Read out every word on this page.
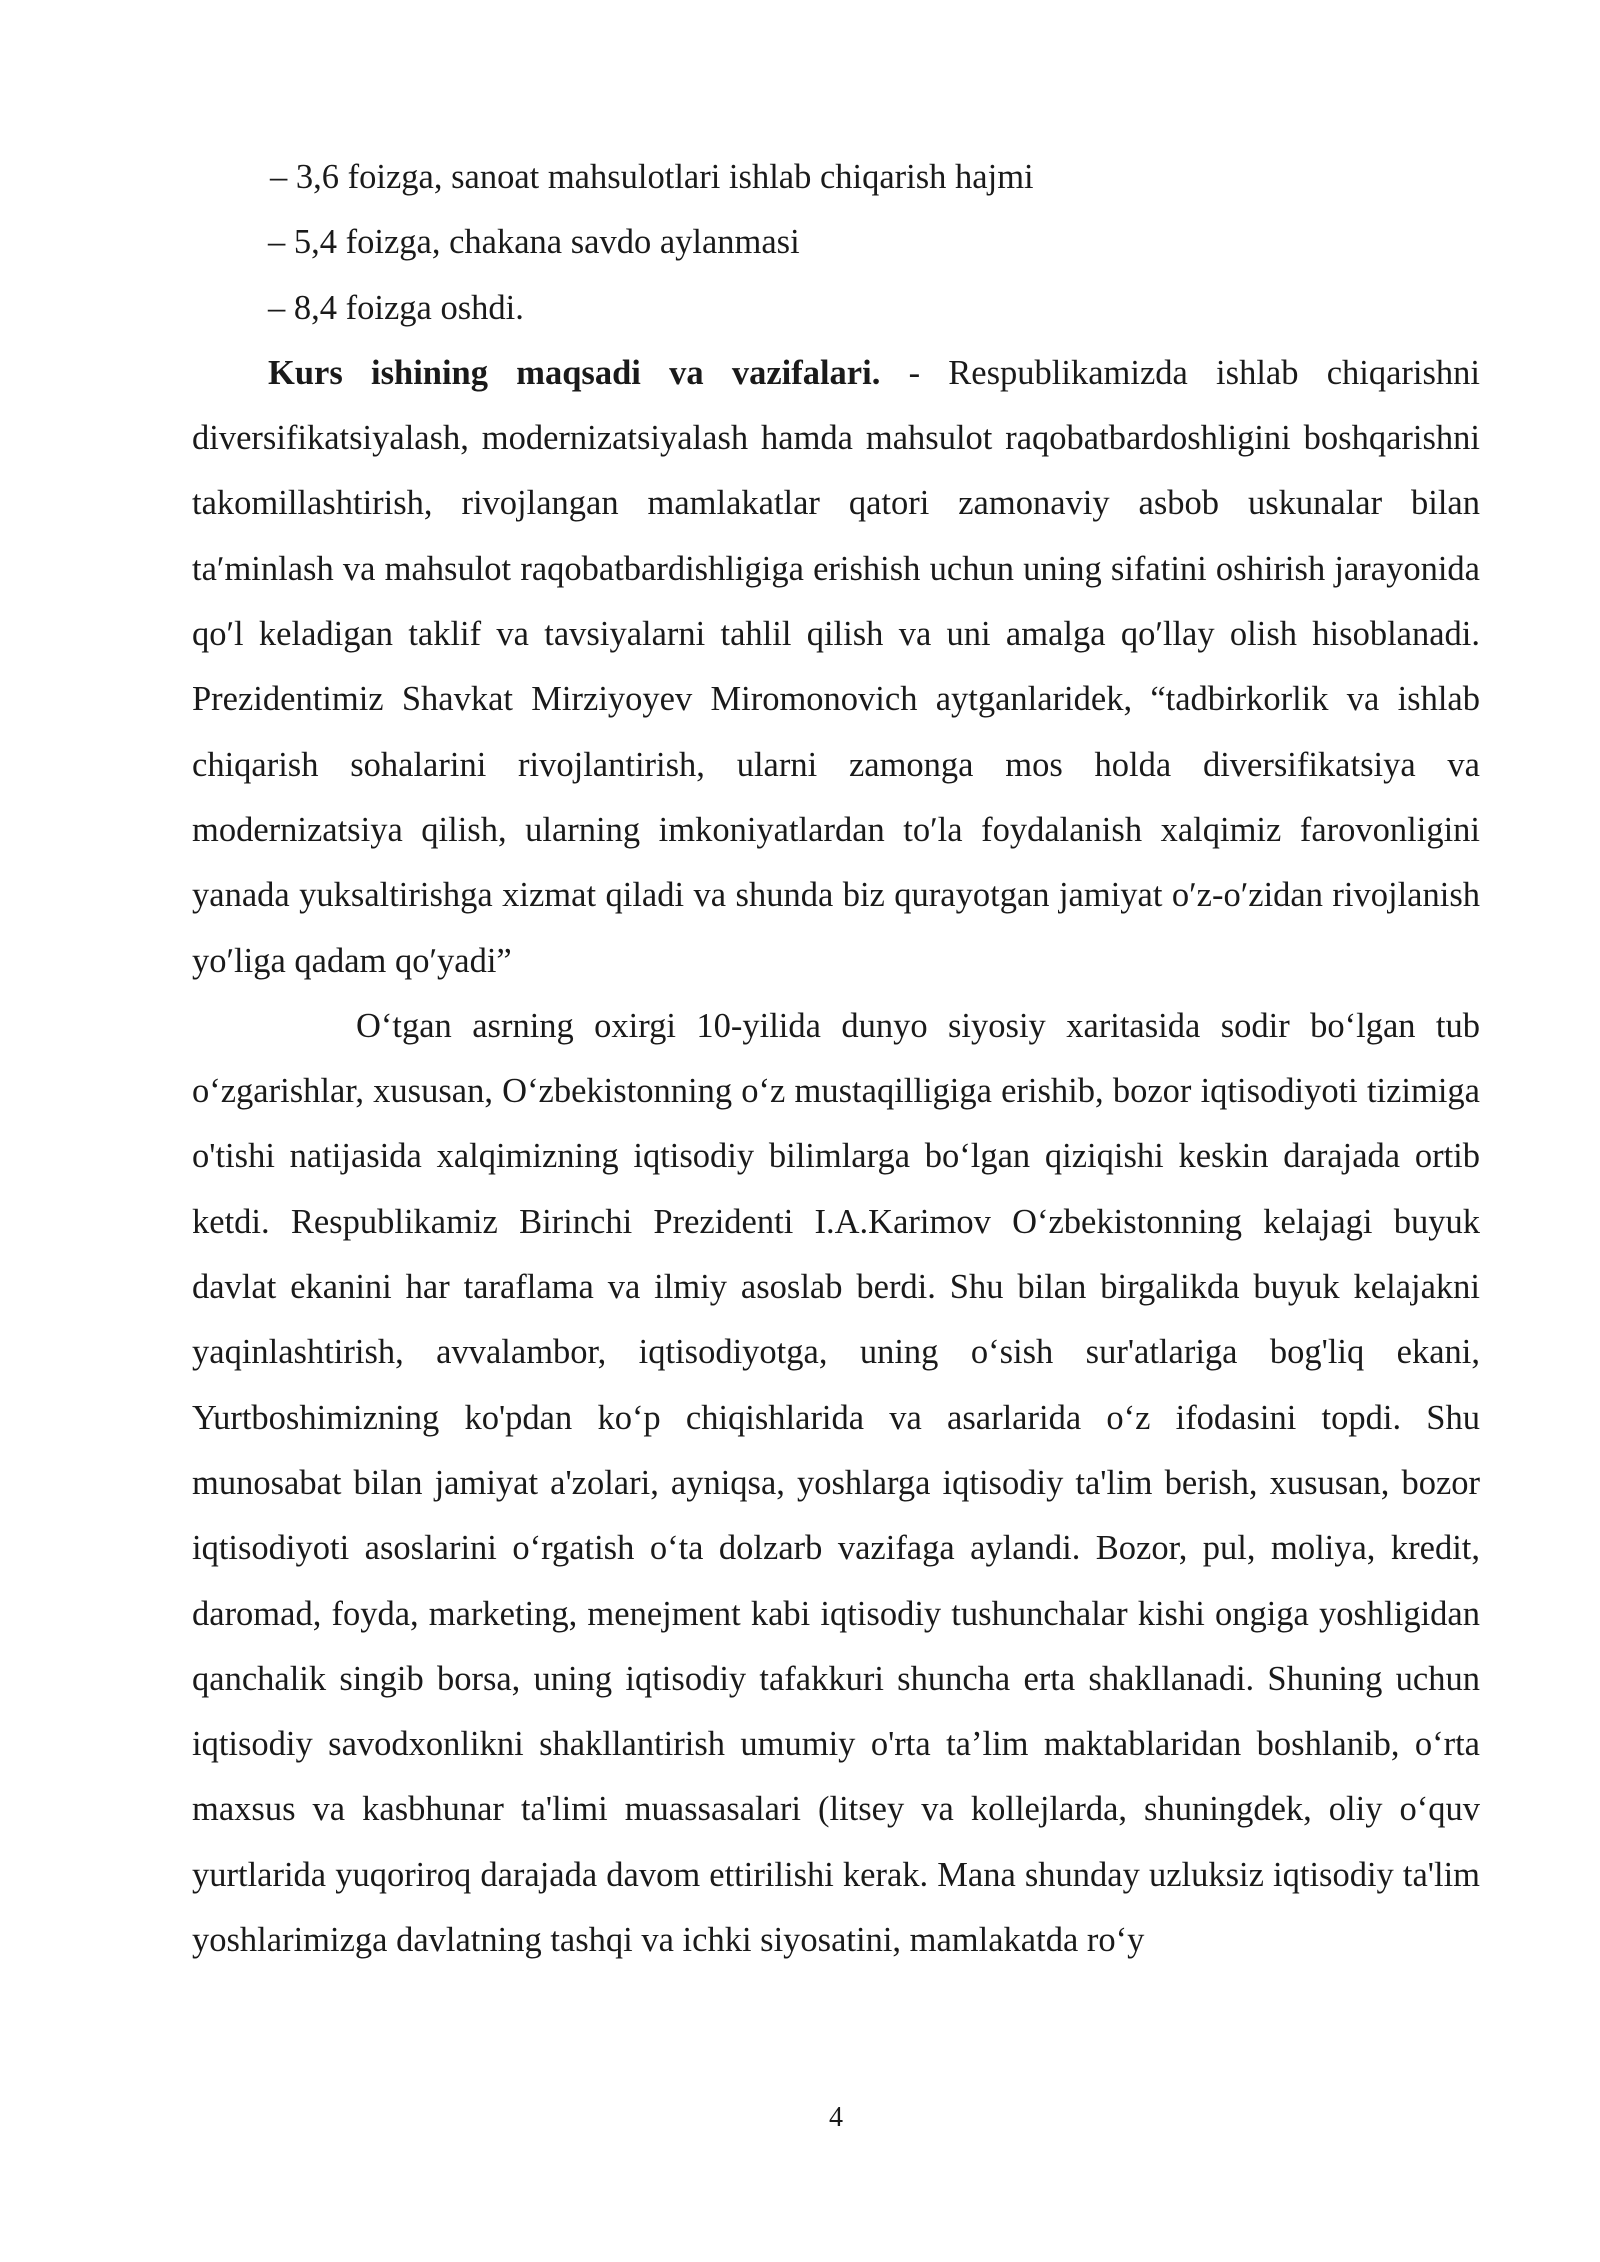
– 3,6 foizga, sanoat mahsulotlari ishlab chiqarish hajmi
– 5,4 foizga, chakana savdo aylanmasi
– 8,4 foizga oshdi.

Kurs ishining maqsadi va vazifalari. - Respublikamizda ishlab chiqarishni diversifikatsiyalash, modernizatsiyalash hamda mahsulot raqobatbardoshligini boshqarishni takomillashtirish, rivojlangan mamlakatlar qatori zamonaviy asbob uskunalar bilan taʹminlash va mahsulot raqobatbardishligiga erishish uchun uning sifatini oshirish jarayonida qoʹl keladigan taklif va tavsiyalarni tahlil qilish va uni amalga qoʹllay olish hisoblanadi. Prezidentimiz Shavkat Mirziyoyev Miromonovich aytganlaridek, “tadbirkorlik va ishlab chiqarish sohalarini rivojlantirish, ularni zamonga mos holda diversifikatsiya va modernizatsiya qilish, ularning imkoniyatlardan toʹla foydalanish xalqimiz farovonligini yanada yuksaltirishga xizmat qiladi va shunda biz qurayotgan jamiyat oʹz-oʹzidan rivojlanish yoʹliga qadam qoʹyadi”

Oʻtgan asrning oxirgi 10-yilida dunyo siyosiy xaritasida sodir boʻlgan tub oʻzgarishlar, xususan, Oʻzbekistonning oʻz mustaqilligiga erishib, bozor iqtisodiyoti tizimiga o'tishi natijasida xalqimizning iqtisodiy bilimlarga boʻlgan qiziqishi keskin darajada ortib ketdi. Respublikamiz Birinchi Prezidenti I.A.Karimov Oʻzbekistonning kelajagi buyuk davlat ekanini har taraflama va ilmiy asoslab berdi. Shu bilan birgalikda buyuk kelajakni yaqinlashtirish, avvalambor, iqtisodiyotga, uning oʻsish sur'atlariga bog'liq ekani, Yurtboshimizning ko'pdan koʻp chiqishlarida va asarlarida oʻz ifodasini topdi. Shu munosabat bilan jamiyat a'zolari, ayniqsa, yoshlarga iqtisodiy ta'lim berish, xususan, bozor iqtisodiyoti asoslarini oʻrgatish oʻta dolzarb vazifaga aylandi. Bozor, pul, moliya, kredit, daromad, foyda, marketing, menejment kabi iqtisodiy tushunchalar kishi ongiga yoshligidan qanchalik singib borsa, uning iqtisodiy tafakkuri shuncha erta shakllanadi. Shuning uchun iqtisodiy savodxonlikni shakllantirish umumiy o'rta ta’lim maktablaridan boshlanib, oʻrta maxsus va kasbhunar ta'limi muassasalari (litsey va kollejlarda, shuningdek, oliy oʻquv yurtlarida yuqoriroq darajada davom ettirilishi kerak. Mana shunday uzluksiz iqtisodiy ta'lim yoshlarimizga davlatning tashqi va ichki siyosatini, mamlakatda roʻy

4
